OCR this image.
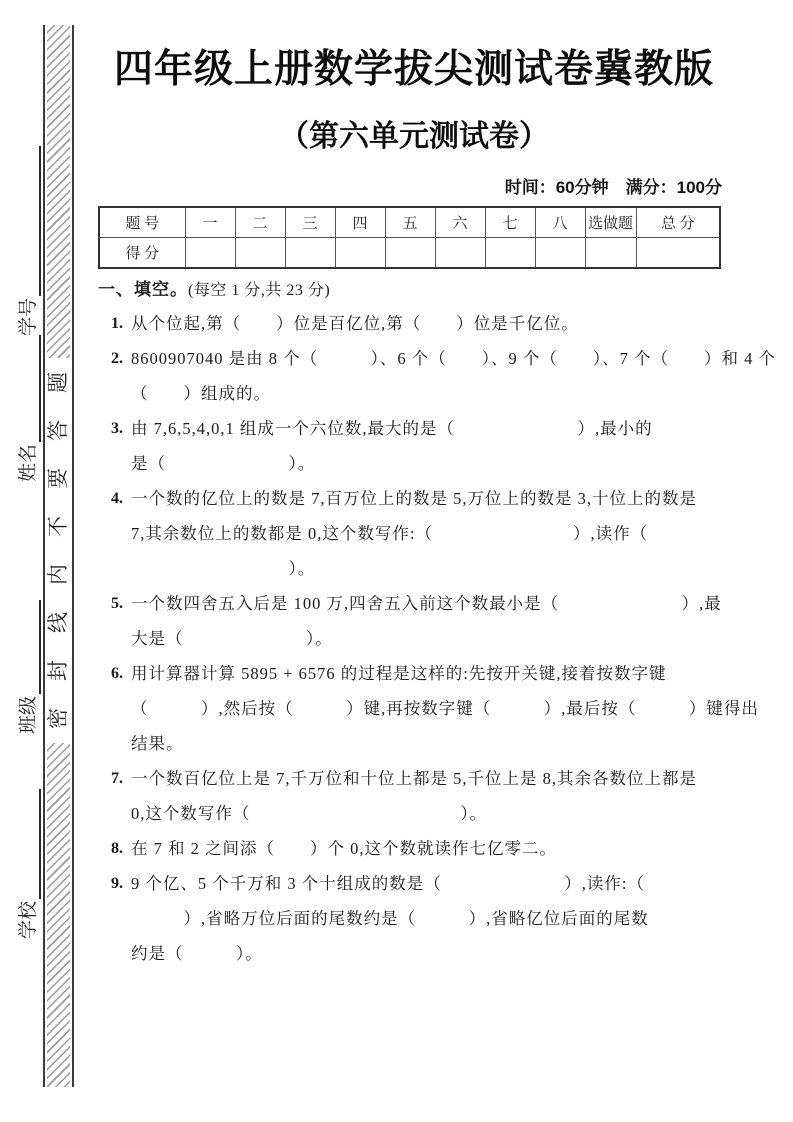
题
答
要
不
内
线
封
密
学号
姓名
班级
学校
四年级上册数学拔尖测试卷冀教版
（第六单元测试卷）
时间：60分钟　满分：100分
题 号	一	二	三	四	五	六	七	八	选做题	总 分
得 分										
一、填空。(每空 1 分,共 23 分)
1. 从个位起,第（　　）位是百亿位,第（　　）位是千亿位。
2. 8600907040 是由 8 个（　　　）、6 个（　　）、9 个（　　）、7 个（　　）和 4 个
（　　）组成的。
3. 由 7,6,5,4,0,1 组成一个六位数,最大的是（　　　　　　　）,最小的
是（　　　　　　　）。
4. 一个数的亿位上的数是 7,百万位上的数是 5,万位上的数是 3,十位上的数是
7,其余数位上的数都是 0,这个数写作:（　　　　　　　　）,读作（
　　　　　　　　　）。
5. 一个数四舍五入后是 100 万,四舍五入前这个数最小是（　　　　　　　）,最
大是（　　　　　　　）。
6. 用计算器计算 5895 + 6576 的过程是这样的:先按开关键,接着按数字键
（　　　）,然后按（　　　）键,再按数字键（　　　）,最后按（　　　）键得出
结果。
7. 一个数百亿位上是 7,千万位和十位上都是 5,千位上是 8,其余各数位上都是
0,这个数写作（　　　　　　　　　　　　）。
8. 在 7 和 2 之间添（　　）个 0,这个数就读作七亿零二。
9. 9 个亿、5 个千万和 3 个十组成的数是（　　　　　　　）,读作:（
　　　）,省略万位后面的尾数约是（　　　）,省略亿位后面的尾数
约是（　　　）。
